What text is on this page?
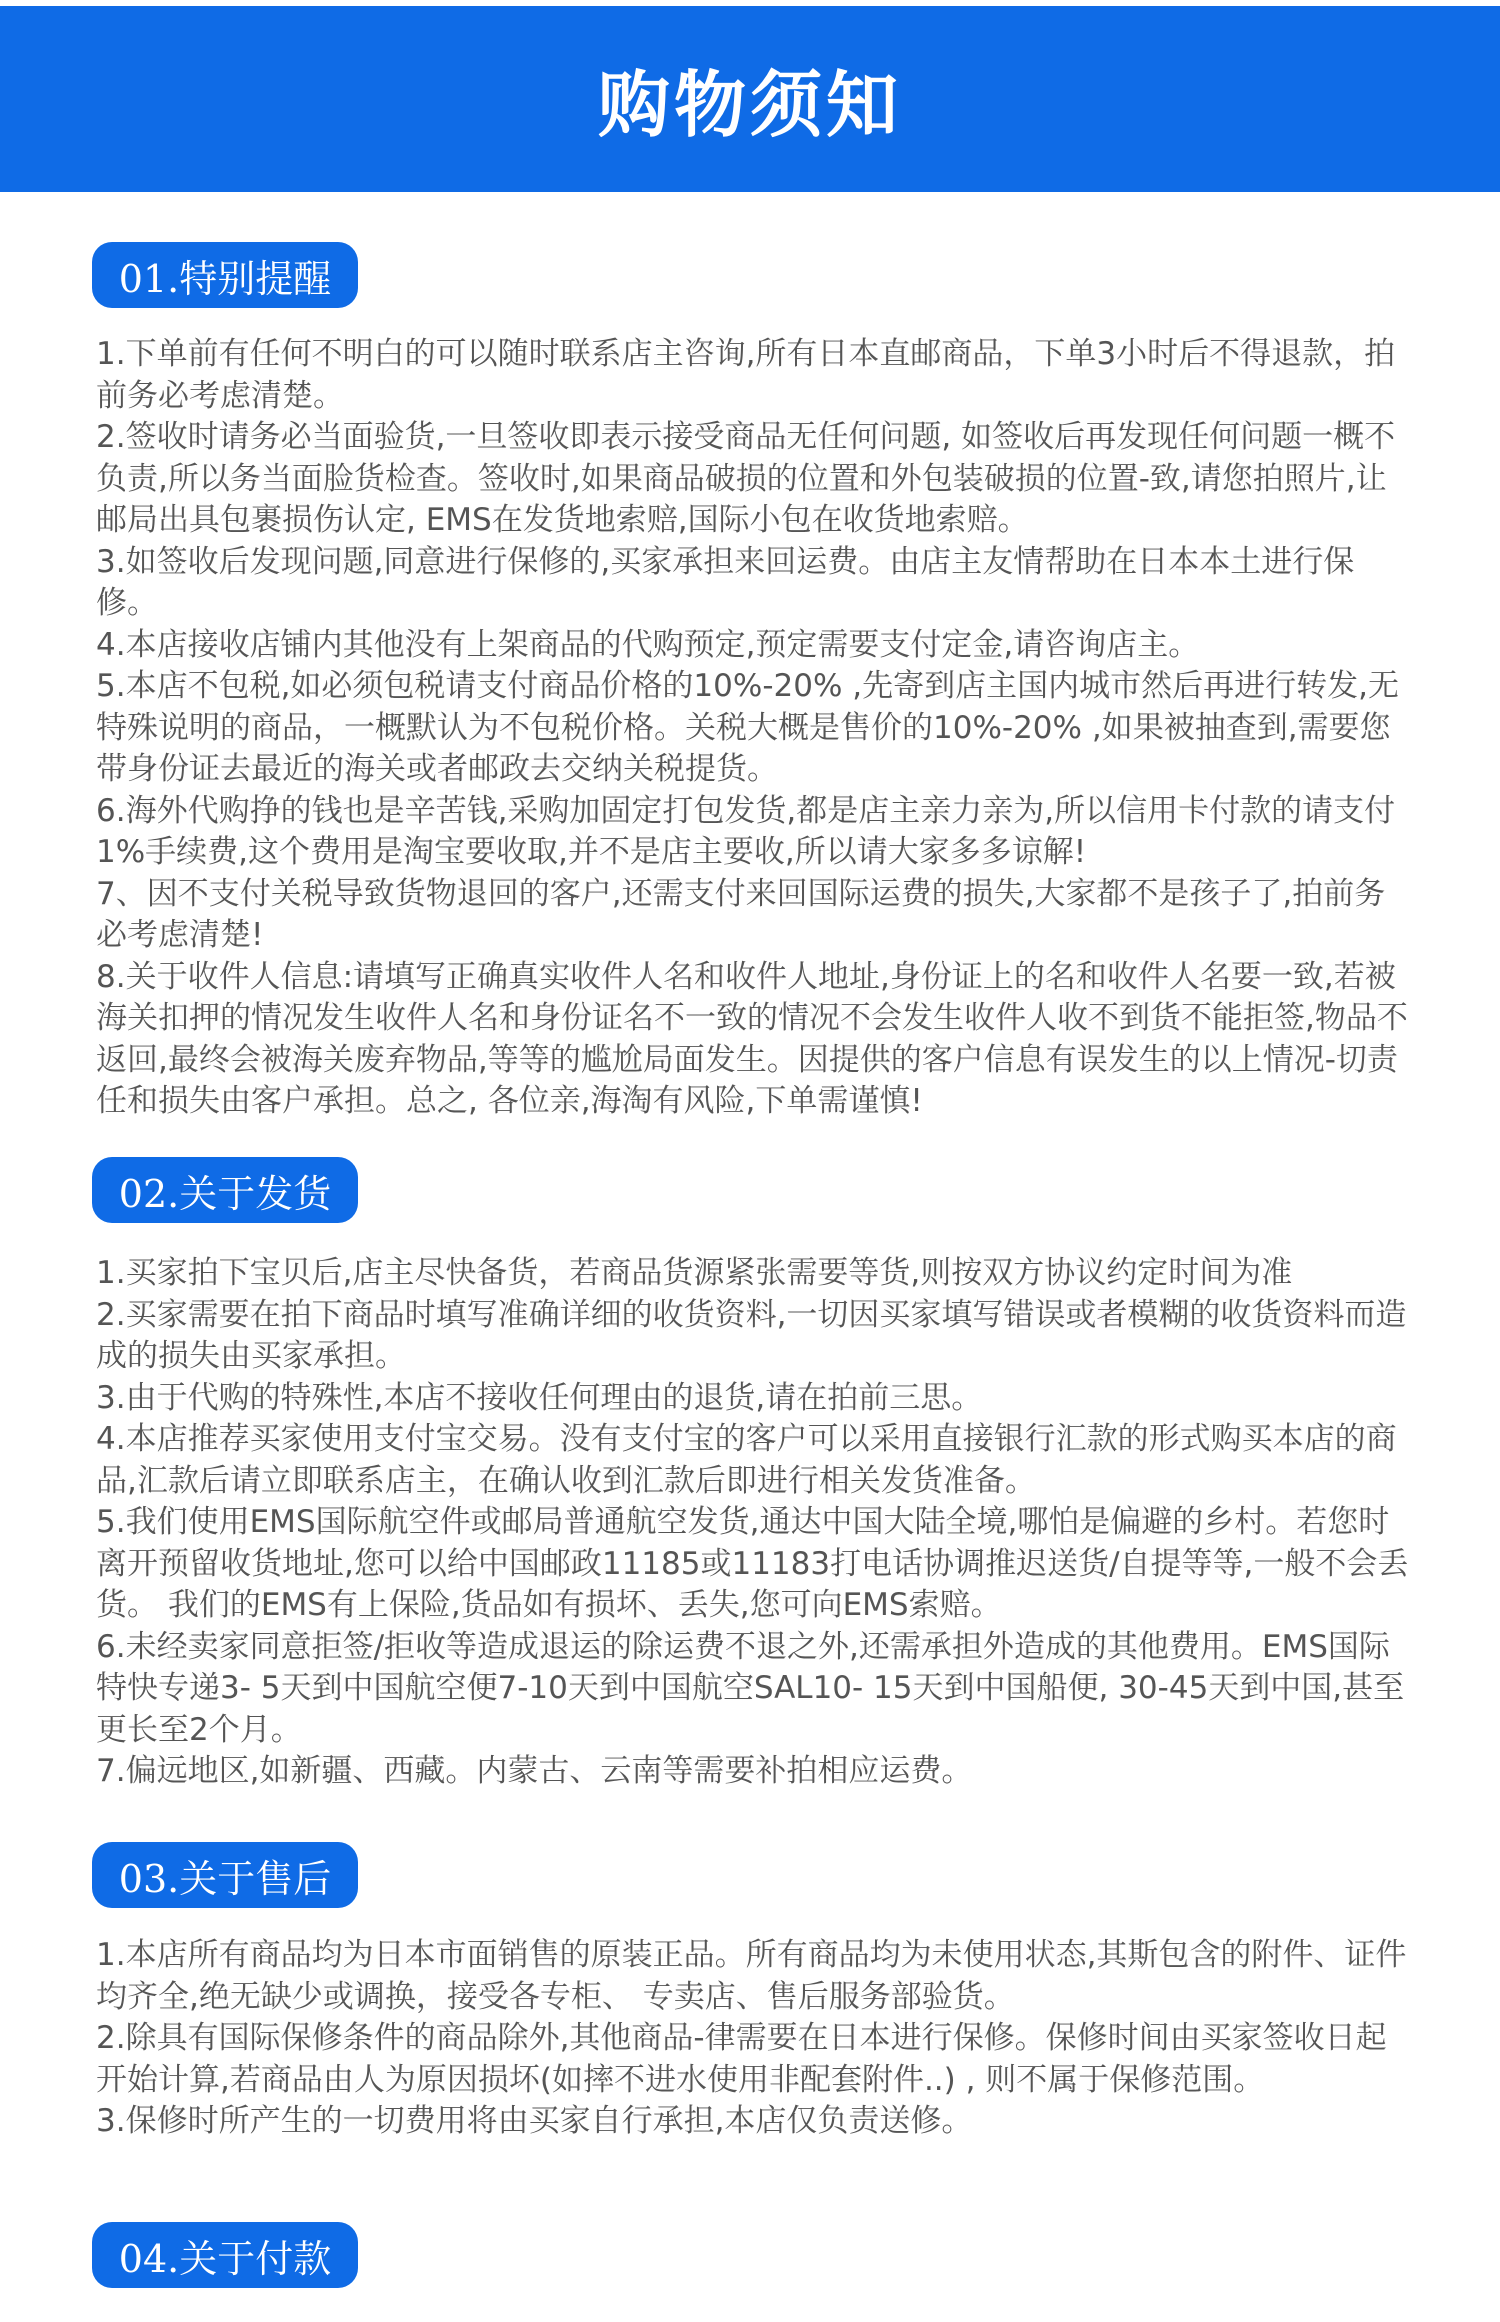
购物须知
01.特别提醒

1.下单前有任何不明白的可以随时联系店主咨询,所有日本直邮商品，下单3小时后不得退款，拍前务必考虑清楚。

2.签收时请务必当面验货,一旦签收即表示接受商品无任何问题, 如签收后再发现任何问题一概不负责,所以务当面脸货检查。签收时,如果商品破损的位置和外包装破损的位置-致,请您拍照片,让邮局出具包裹损伤认定, EMS在发货地索赔,国际小包在收货地索赔。

3.如签收后发现问题,同意进行保修的,买家承担来回运费。由店主友情帮助在日本本土进行保修。

4.本店接收店铺内其他没有上架商品的代购预定,预定需要支付定金,请咨询店主。

5.本店不包税,如必须包税请支付商品价格的10%-20% ,先寄到店主国内城市然后再进行转发,无特殊说明的商品，一概默认为不包税价格。关税大概是售价的10%-20% ,如果被抽查到,需要您带身份证去最近的海关或者邮政去交纳关税提货。

6.海外代购挣的钱也是辛苦钱,采购加固定打包发货,都是店主亲力亲为,所以信用卡付款的请支付1%手续费,这个费用是淘宝要收取,并不是店主要收,所以请大家多多谅解!

7、因不支付关税导致货物退回的客户,还需支付来回国际运费的损失,大家都不是孩子了,拍前务必考虑清楚!

8.关于收件人信息:请填写正确真实收件人名和收件人地址,身份证上的名和收件人名要一致,若被海关扣押的情况发生收件人名和身份证名不一致的情况不会发生收件人收不到货不能拒签,物品不返回,最终会被海关废弃物品,等等的尴尬局面发生。因提供的客户信息有误发生的以上情况-切责任和损失由客户承担。总之, 各位亲,海淘有风险,下单需谨慎!

02.关于发货

1.买家拍下宝贝后,店主尽快备货，若商品货源紧张需要等货,则按双方协议约定时间为准

2.买家需要在拍下商品时填写准确详细的收货资料,一切因买家填写错误或者模糊的收货资料而造成的损失由买家承担。

3.由于代购的特殊性,本店不接收任何理由的退货,请在拍前三思。

4.本店推荐买家使用支付宝交易。没有支付宝的客户可以采用直接银行汇款的形式购买本店的商品,汇款后请立即联系店主，在确认收到汇款后即进行相关发货准备。

5.我们使用EMS国际航空件或邮局普通航空发货,通达中国大陆全境,哪怕是偏避的乡村。若您时离开预留收货地址,您可以给中国邮政11185或11183打电话协调推迟送货/自提等等,一般不会丢货。 我们的EMS有上保险,货品如有损坏、丢失,您可向EMS索赔。

6.未经卖家同意拒签/拒收等造成退运的除运费不退之外,还需承担外造成的其他费用。EMS国际特快专递3- 5天到中国航空便7-10天到中国航空SAL10- 15天到中国船便, 30-45天到中国,甚至更长至2个月。

7.偏远地区,如新疆、西藏。内蒙古、云南等需要补拍相应运费。

03.关于售后

1.本店所有商品均为日本市面销售的原装正品。所有商品均为未使用状态,其斯包含的附件、证件均齐全,绝无缺少或调换，接受各专柜、 专卖店、售后服务部验货。

2.除具有国际保修条件的商品除外,其他商品-律需要在日本进行保修。保修时间由买家签收日起开始计算,若商品由人为原因损坏(如摔不进水使用非配套附件..) , 则不属于保修范围。

3.保修时所产生的一切费用将由买家自行承担,本店仅负责送修。

04.关于付款
